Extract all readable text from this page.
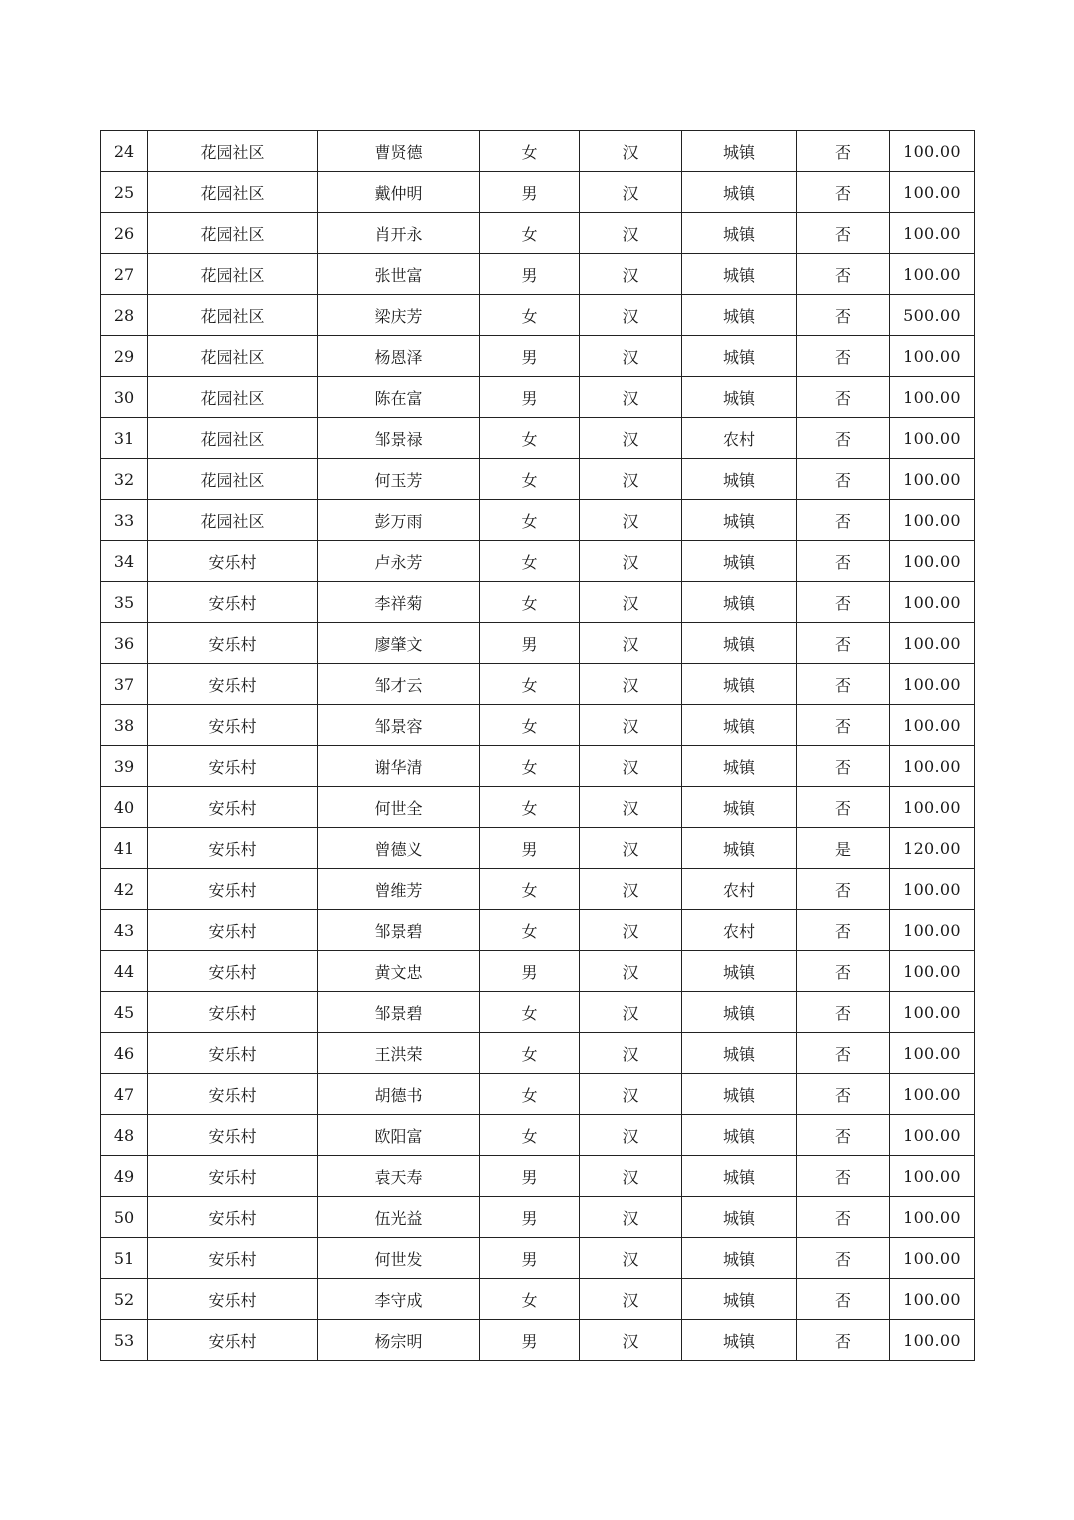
24	花园社区	曹贤德	女	汉	城镇	否	100.00
25	花园社区	戴仲明	男	汉	城镇	否	100.00
26	花园社区	肖开永	女	汉	城镇	否	100.00
27	花园社区	张世富	男	汉	城镇	否	100.00
28	花园社区	梁庆芳	女	汉	城镇	否	500.00
29	花园社区	杨恩泽	男	汉	城镇	否	100.00
30	花园社区	陈在富	男	汉	城镇	否	100.00
31	花园社区	邹景禄	女	汉	农村	否	100.00
32	花园社区	何玉芳	女	汉	城镇	否	100.00
33	花园社区	彭万雨	女	汉	城镇	否	100.00
34	安乐村	卢永芳	女	汉	城镇	否	100.00
35	安乐村	李祥菊	女	汉	城镇	否	100.00
36	安乐村	廖肇文	男	汉	城镇	否	100.00
37	安乐村	邹才云	女	汉	城镇	否	100.00
38	安乐村	邹景容	女	汉	城镇	否	100.00
39	安乐村	谢华清	女	汉	城镇	否	100.00
40	安乐村	何世全	女	汉	城镇	否	100.00
41	安乐村	曾德义	男	汉	城镇	是	120.00
42	安乐村	曾维芳	女	汉	农村	否	100.00
43	安乐村	邹景碧	女	汉	农村	否	100.00
44	安乐村	黄文忠	男	汉	城镇	否	100.00
45	安乐村	邹景碧	女	汉	城镇	否	100.00
46	安乐村	王洪荣	女	汉	城镇	否	100.00
47	安乐村	胡德书	女	汉	城镇	否	100.00
48	安乐村	欧阳富	女	汉	城镇	否	100.00
49	安乐村	袁天寿	男	汉	城镇	否	100.00
50	安乐村	伍光益	男	汉	城镇	否	100.00
51	安乐村	何世发	男	汉	城镇	否	100.00
52	安乐村	李守成	女	汉	城镇	否	100.00
53	安乐村	杨宗明	男	汉	城镇	否	100.00
